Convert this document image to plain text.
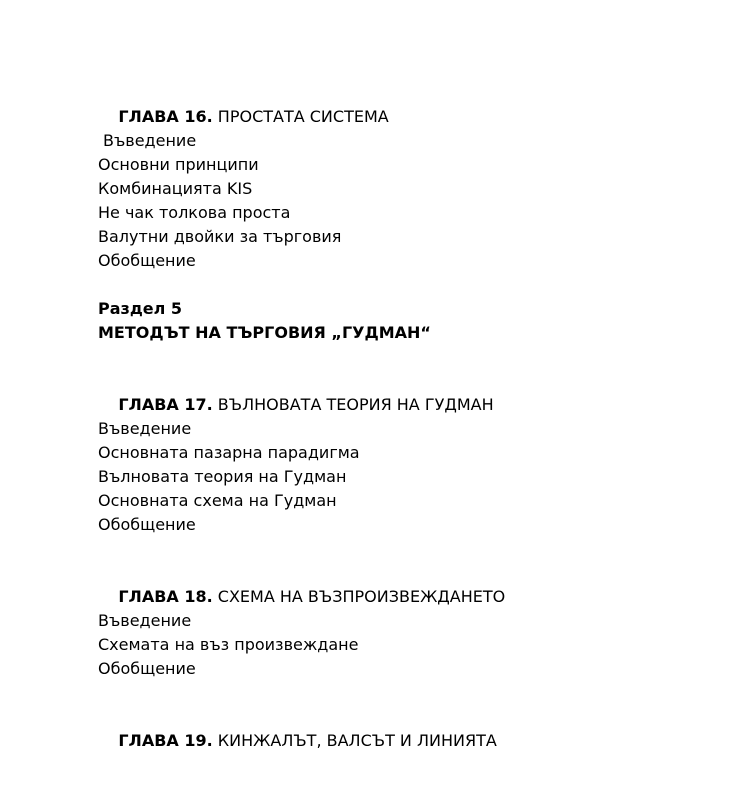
ГЛАВА 16. ПРОСТАТА СИСТЕМА

Въведение
Основни принципи
Комбинацията KIS
Не чак толкова проста
Валутни двойки за търговия
Обобщение
Раздел 5
МЕТОДЪТ НА ТЪРГОВИЯ „ГУДМАН“

ГЛАВА 17. ВЪЛНОВАТА ТЕОРИЯ НА ГУДМАН

Въведение
Основната пазарна парадигма
Вълновата теория на Гудман
Основната схема на Гудман
Обобщение

ГЛАВА 18. СХЕМА НА ВЪЗПРОИЗВЕЖДАНЕТО

Въведение
Схемата на въз произвеждане
Обобщение

ГЛАВА 19. КИНЖАЛЪТ, ВАЛСЪТ И ЛИНИЯТА
